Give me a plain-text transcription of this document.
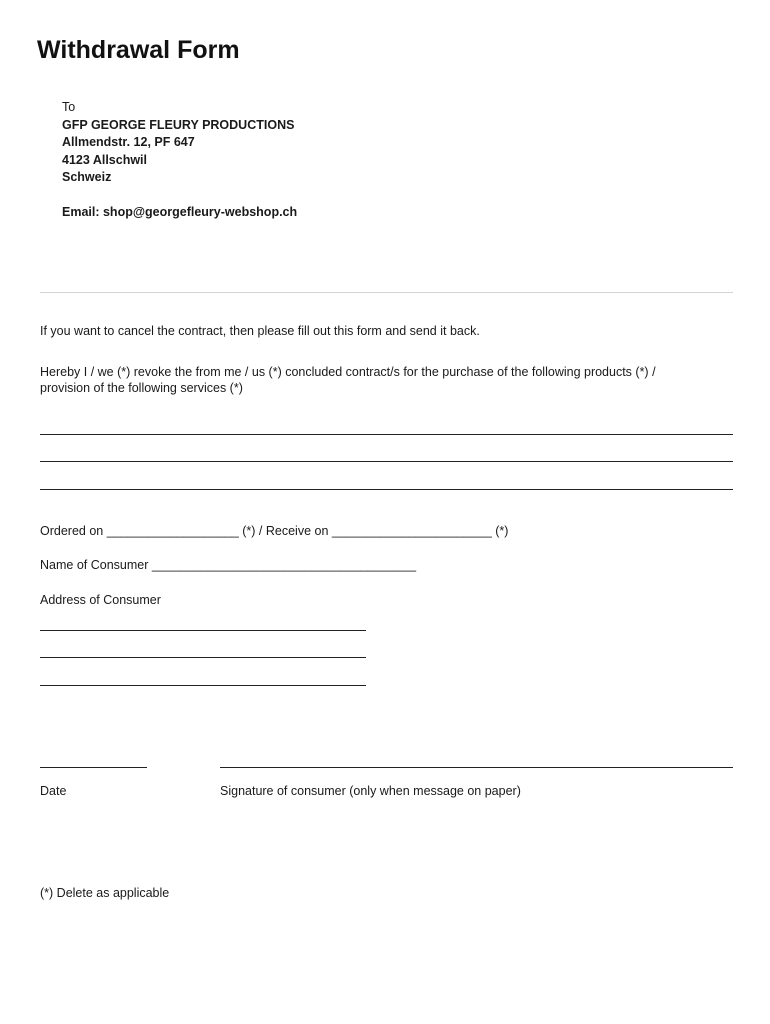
Withdrawal Form
To
GFP GEORGE FLEURY PRODUCTIONS
Allmendstr. 12, PF 647
4123 Allschwil
Schweiz
Email: shop@georgefleury-webshop.ch
If you want to cancel the contract, then please fill out this form and send it back.
Hereby I / we (*) revoke the from me / us (*) concluded contract/s for the purchase of the following products (*) /
provision of the following services (*)
Ordered on ___________________ (*) / Receive on _______________________ (*)
Name of Consumer ______________________________________
Address of Consumer
Date	Signature of consumer (only when message on paper)
(*) Delete as applicable
